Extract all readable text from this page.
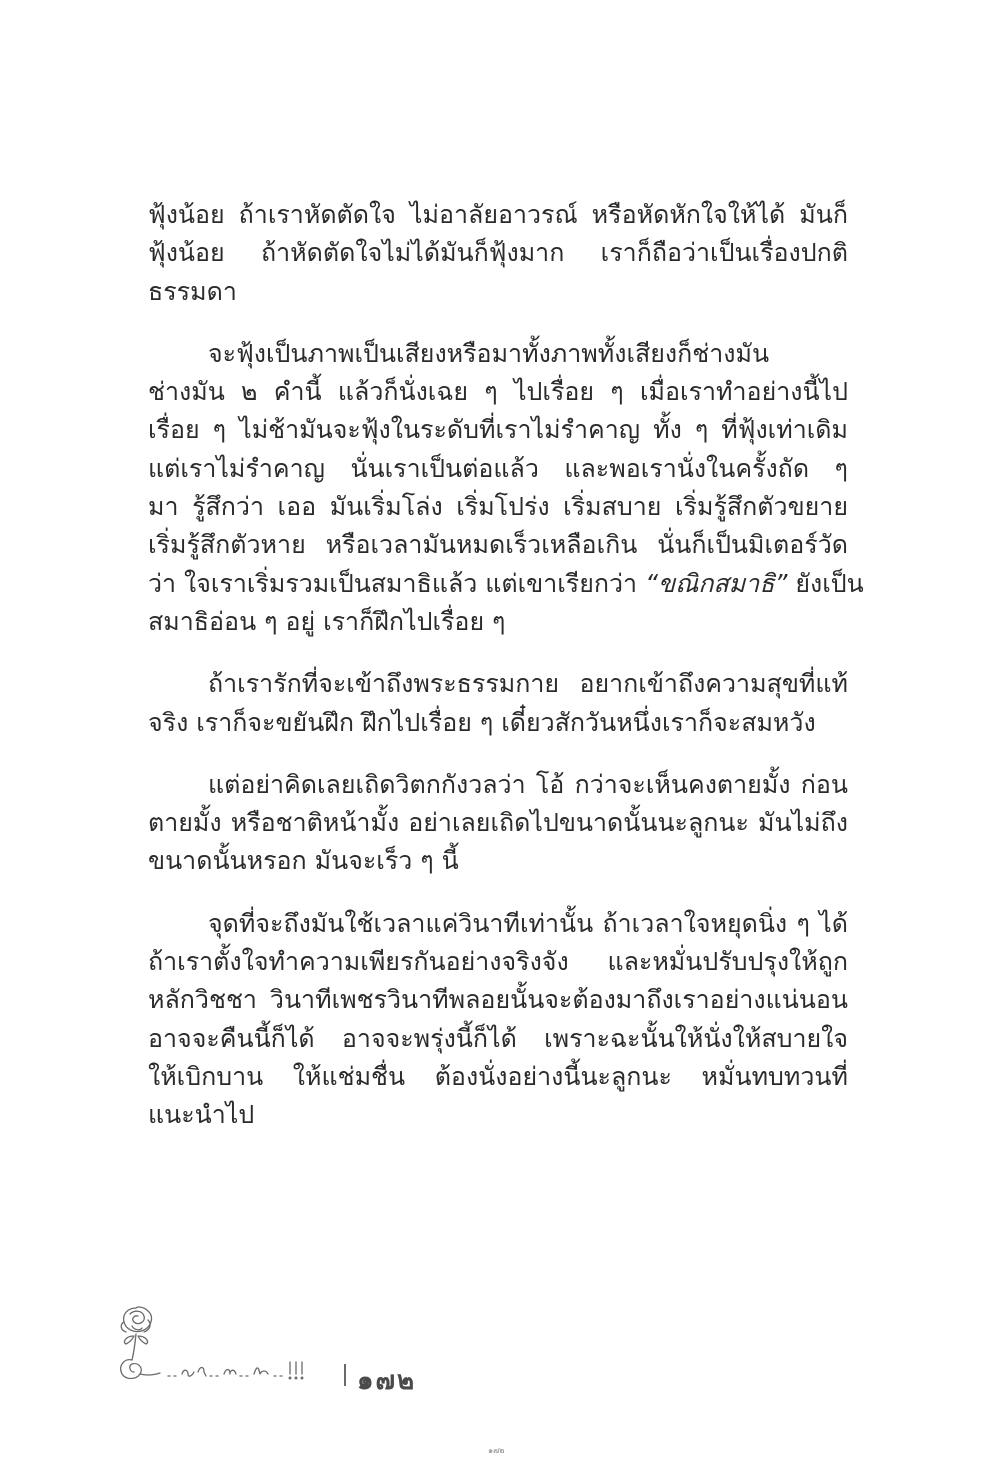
ฟุ้งน้อย ถ้าเราหัดตัดใจ ไม่อาลัยอาวรณ์ หรือหัดหักใจให้ได้ มันก็
ฟุ้งน้อย ถ้าหัดตัดใจไม่ได้มันก็ฟุ้งมาก เราก็ถือว่าเป็นเรื่องปกติ
ธรรมดา
จะฟุ้งเป็นภาพเป็นเสียงหรือมาทั้งภาพทั้งเสียงก็ช่างมัน
ช่างมัน ๒ คำนี้ แล้วก็นั่งเฉย ๆ ไปเรื่อย ๆ เมื่อเราทำอย่างนี้ไป
เรื่อย ๆ ไม่ช้ามันจะฟุ้งในระดับที่เราไม่รำคาญ ทั้ง ๆ ที่ฟุ้งเท่าเดิม
แต่เราไม่รำคาญ นั่นเราเป็นต่อแล้ว และพอเรานั่งในครั้งถัด ๆ
มา รู้สึกว่า เออ มันเริ่มโล่ง เริ่มโปร่ง เริ่มสบาย เริ่มรู้สึกตัวขยาย
เริ่มรู้สึกตัวหาย หรือเวลามันหมดเร็วเหลือเกิน นั่นก็เป็นมิเตอร์วัด
ว่า ใจเราเริ่มรวมเป็นสมาธิแล้ว แต่เขาเรียกว่า “ขณิกสมาธิ” ยังเป็น
สมาธิอ่อน ๆ อยู่ เราก็ฝึกไปเรื่อย ๆ
ถ้าเรารักที่จะเข้าถึงพระธรรมกาย อยากเข้าถึงความสุขที่แท้
จริง เราก็จะขยันฝึก ฝึกไปเรื่อย ๆ เดี๋ยวสักวันหนึ่งเราก็จะสมหวัง
แต่อย่าคิดเลยเถิดวิตกกังวลว่า โอ้ กว่าจะเห็นคงตายมั้ง ก่อน
ตายมั้ง หรือชาติหน้ามั้ง อย่าเลยเถิดไปขนาดนั้นนะลูกนะ มันไม่ถึง
ขนาดนั้นหรอก มันจะเร็ว ๆ นี้
จุดที่จะถึงมันใช้เวลาแค่วินาทีเท่านั้น ถ้าเวลาใจหยุดนิ่ง ๆ ได้
ถ้าเราตั้งใจทำความเพียรกันอย่างจริงจัง และหมั่นปรับปรุงให้ถูก
หลักวิชชา วินาทีเพชรวินาทีพลอยนั้นจะต้องมาถึงเราอย่างแน่นอน
อาจจะคืนนี้ก็ได้ อาจจะพรุ่งนี้ก็ได้ เพราะฉะนั้นให้นั่งให้สบายใจ
ให้เบิกบาน ให้แช่มชื่น ต้องนั่งอย่างนี้นะลูกนะ หมั่นทบทวนที่
แนะนำไป
๑๗๒
๑๗๒
